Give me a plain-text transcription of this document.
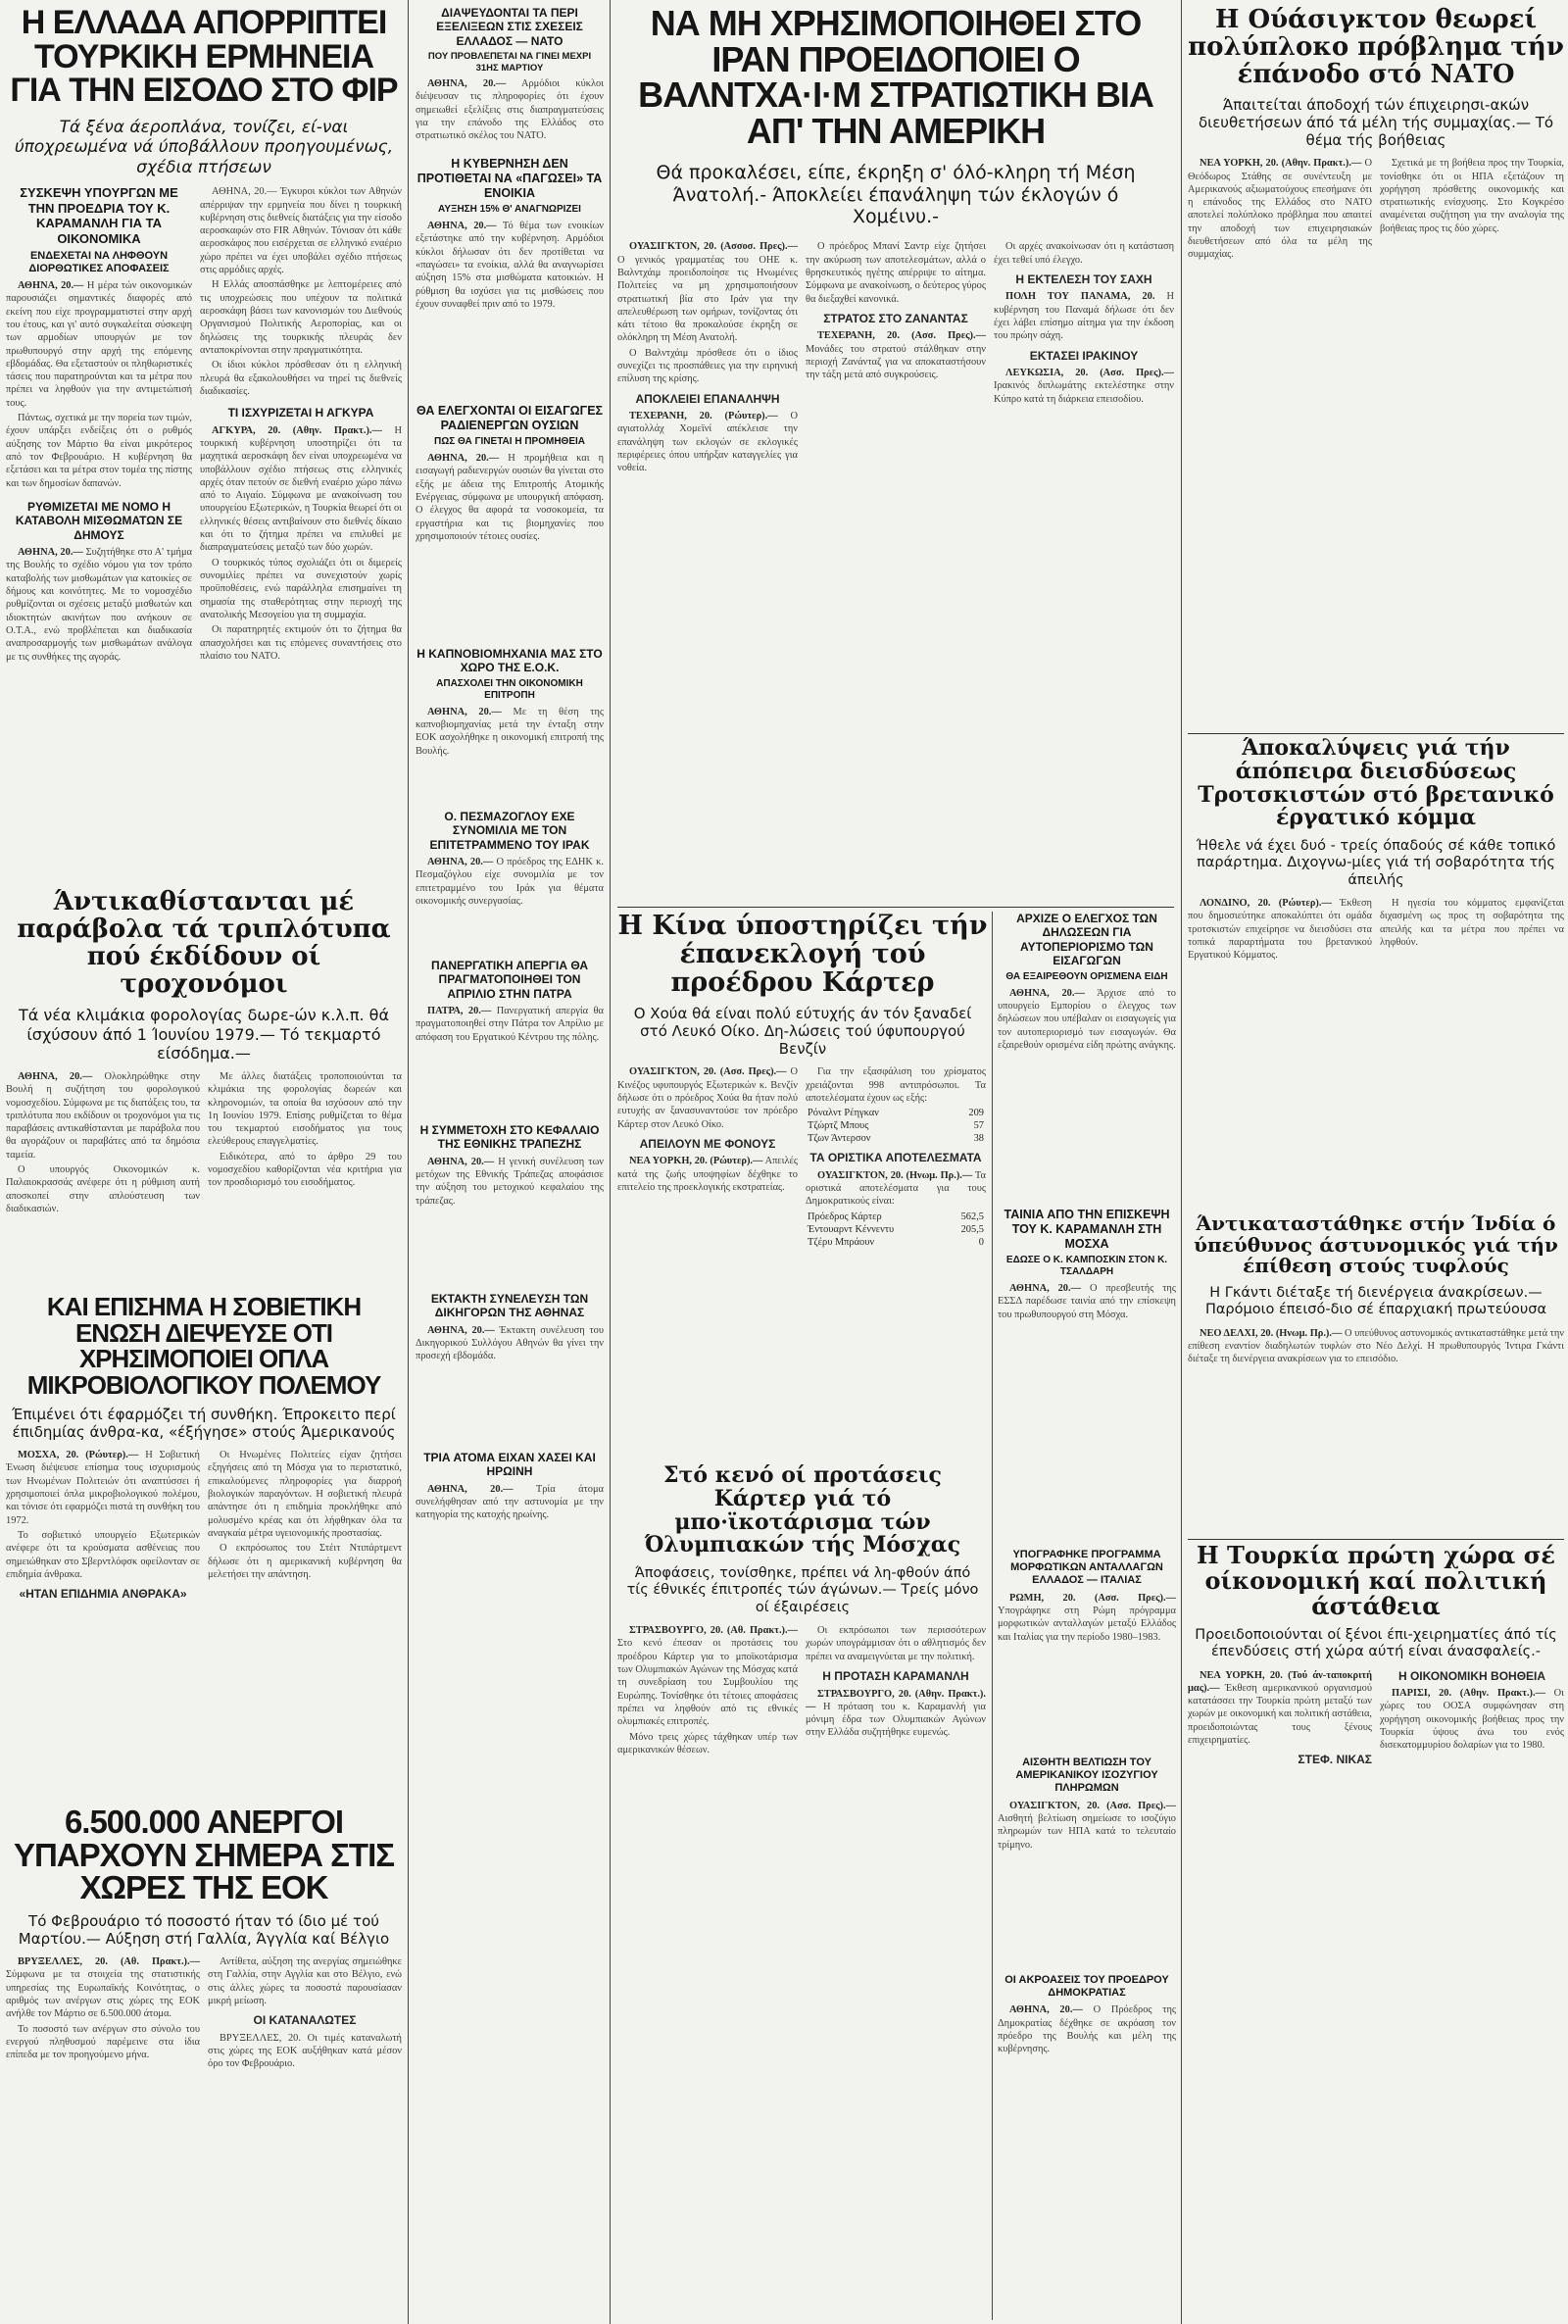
Η ΕΛΛΑΔΑ ΑΠΟΡΡΙΠΤΕΙ ΤΟΥΡΚΙΚΗ ΕΡΜΗΝΕΙΑ ΓΙΑ ΤΗΝ ΕΙΣΟΔΟ ΣΤΟ ΦΙΡ
Τά ξένα άεροπλάνα, τονίζει, εί-ναι ύποχρεωμένα νά ύποβάλλουν προηγουμένως, σχέδια πτήσεων
ΣΥΣΚΕΨΗ ΥΠΟΥΡΓΩΝ ΜΕ ΤΗΝ ΠΡΟΕΔΡΙΑ ΤΟΥ Κ. ΚΑΡΑΜΑΝΛΗ ΓΙΑ ΤΑ ΟΙΚΟΝΟΜΙΚΑ
ΕΝΔΕΧΕΤΑΙ ΝΑ ΛΗΦΘΟΥΝ ΔΙΟΡΘΩΤΙΚΕΣ ΑΠΟΦΑΣΕΙΣ

ΑΘΗΝΑ, 20.— Η μέρα τών οικονομικών παρουσιάζει σημαντικές διαφορές από εκείνη που είχε προγραμματιστεί στην αρχή του έτους, και γι' αυτό συγκαλείται σύσκεψη των αρμοδίων υπουργών με τον πρωθυπουργό στην αρχή της επόμενης εβδομάδας. Θα εξεταστούν οι πληθωριστικές τάσεις που παρατηρούνται και τα μέτρα που πρέπει να ληφθούν για την αντιμετώπισή τους.

Πάντως, σχετικά με την πορεία των τιμών, έχουν υπάρξει ενδείξεις ότι ο ρυθμός αύξησης τον Μάρτιο θα είναι μικρότερος από τον Φεβρουάριο. Η κυβέρνηση θα εξετάσει και τα μέτρα στον τομέα της πίστης και των δημοσίων δαπανών.

ΡΥΘΜΙΖΕΤΑΙ ΜΕ ΝΟΜΟ Η ΚΑΤΑΒΟΛΗ ΜΙΣΘΩΜΑΤΩΝ ΣΕ ΔΗΜΟΥΣ

ΑΘΗΝΑ, 20.— Συζητήθηκε στο Α' τμήμα της Βουλής το σχέδιο νόμου για τον τρόπο καταβολής των μισθωμάτων για κατοικίες σε δήμους και κοινότητες. Με το νομοσχέδιο ρυθμίζονται οι σχέσεις μεταξύ μισθωτών και ιδιοκτητών ακινήτων που ανήκουν σε Ο.Τ.Α., ενώ προβλέπεται και διαδικασία αναπροσαρμογής των μισθωμάτων ανάλογα με τις συνθήκες της αγοράς.

ΑΘΗΝΑ, 20.— Έγκυροι κύκλοι των Αθηνών απέρριψαν την ερμηνεία που δίνει η τουρκική κυβέρνηση στις διεθνείς διατάξεις για την είσοδο αεροσκαφών στο FIR Αθηνών. Τόνισαν ότι κάθε αεροσκάφος που εισέρχεται σε ελληνικό εναέριο χώρο πρέπει να έχει υποβάλει σχέδιο πτήσεως στις αρμόδιες αρχές.

Η Ελλάς αποσπάσθηκε με λεπτομέρειες από τις υποχρεώσεις που υπέχουν τα πολιτικά αεροσκάφη βάσει των κανονισμών του Διεθνούς Οργανισμού Πολιτικής Αεροπορίας, και οι δηλώσεις της τουρκικής πλευράς δεν ανταποκρίνονται στην πραγματικότητα.

Οι ίδιοι κύκλοι πρόσθεσαν ότι η ελληνική πλευρά θα εξακολουθήσει να τηρεί τις διεθνείς διαδικασίες.

ΤΙ ΙΣΧΥΡΙΖΕΤΑΙ Η ΑΓΚΥΡΑ

ΑΓΚΥΡΑ, 20. (Αθην. Πρακτ.).— Η τουρκική κυβέρνηση υποστηρίζει ότι τα μαχητικά αεροσκάφη δεν είναι υποχρεωμένα να υποβάλλουν σχέδιο πτήσεως στις ελληνικές αρχές όταν πετούν σε διεθνή εναέριο χώρο πάνω από το Αιγαίο. Σύμφωνα με ανακοίνωση του υπουργείου Εξωτερικών, η Τουρκία θεωρεί ότι οι ελληνικές θέσεις αντιβαίνουν στο διεθνές δίκαιο και ότι το ζήτημα πρέπει να επιλυθεί με διαπραγματεύσεις μεταξύ των δύο χωρών.

Ο τουρκικός τύπος σχολιάζει ότι οι διμερείς συνομιλίες πρέπει να συνεχιστούν χωρίς προϋποθέσεις, ενώ παράλληλα επισημαίνει τη σημασία της σταθερότητας στην περιοχή της ανατολικής Μεσογείου για τη συμμαχία.

Οι παρατηρητές εκτιμούν ότι το ζήτημα θα απασχολήσει και τις επόμενες συναντήσεις στο πλαίσιο του ΝΑΤΟ.

Άντικαθίστανται μέ παράβολα τά τριπλότυπα πού έκδίδουν οί τροχονόμοι
Τά νέα κλιμάκια φορολογίας δωρε-ών κ.λ.π. θά ίσχύσουν άπό 1 Ίουνίου 1979.— Τό τεκμαρτό είσόδημα.—

ΑΘΗΝΑ, 20.— Ολοκληρώθηκε στην Βουλή η συζήτηση του φορολογικού νομοσχεδίου. Σύμφωνα με τις διατάξεις του, τα τριπλότυπα που εκδίδουν οι τροχονόμοι για τις παραβάσεις αντικαθίστανται με παράβολα που θα αγοράζουν οι παραβάτες από τα δημόσια ταμεία.

Ο υπουργός Οικονομικών κ. Παλαιοκρασσάς ανέφερε ότι η ρύθμιση αυτή αποσκοπεί στην απλούστευση των διαδικασιών.

Με άλλες διατάξεις τροποποιούνται τα κλιμάκια της φορολογίας δωρεών και κληρονομιών, τα οποία θα ισχύσουν από την 1η Ιουνίου 1979. Επίσης ρυθμίζεται το θέμα του τεκμαρτού εισοδήματος για τους ελεύθερους επαγγελματίες.

Ειδικότερα, από το άρθρο 29 του νομοσχεδίου καθορίζονται νέα κριτήρια για τον προσδιορισμό του εισοδήματος.

ΚΑΙ ΕΠΙΣΗΜΑ Η ΣΟΒΙΕΤΙΚΗ ΕΝΩΣΗ ΔΙΕΨΕΥΣΕ ΟΤΙ ΧΡΗΣΙΜΟΠΟΙΕΙ ΟΠΛΑ ΜΙΚΡΟΒΙΟΛΟΓΙΚΟΥ ΠΟΛΕΜΟΥ
Έπιμένει ότι έφαρμόζει τή συνθήκη. Έπροκειτο περί έπιδημίας άνθρα-κα, «έξήγησε» στούς Άμερικανούς

ΜΟΣΧΑ, 20. (Ρώυτερ).— Η Σοβιετική Ένωση διέψευσε επίσημα τους ισχυρισμούς των Ηνωμένων Πολιτειών ότι αναπτύσσει ή χρησιμοποιεί όπλα μικροβιολογικού πολέμου, και τόνισε ότι εφαρμόζει πιστά τη συνθήκη του 1972.

Το σοβιετικό υπουργείο Εξωτερικών ανέφερε ότι τα κρούσματα ασθένειας που σημειώθηκαν στο Σβερντλόφσκ οφείλονταν σε επιδημία άνθρακα.

«ΗΤΑΝ ΕΠΙΔΗΜΙΑ ΑΝΘΡΑΚΑ»

Οι Ηνωμένες Πολιτείες είχαν ζητήσει εξηγήσεις από τη Μόσχα για το περιστατικό, επικαλούμενες πληροφορίες για διαρροή βιολογικών παραγόντων. Η σοβιετική πλευρά απάντησε ότι η επιδημία προκλήθηκε από μολυσμένο κρέας και ότι λήφθηκαν όλα τα αναγκαία μέτρα υγειονομικής προστασίας.

Ο εκπρόσωπος του Στέιτ Ντιπάρτμεντ δήλωσε ότι η αμερικανική κυβέρνηση θα μελετήσει την απάντηση.

6.500.000 ΑΝΕΡΓΟΙ ΥΠΑΡΧΟΥΝ ΣΗΜΕΡΑ ΣΤΙΣ ΧΩΡΕΣ ΤΗΣ ΕΟΚ
Τό Φεβρουάριο τό ποσοστό ήταν τό ίδιο μέ τού Μαρτίου.— Αύξηση στή Γαλλία, Άγγλία καί Βέλγιο

ΒΡΥΞΕΛΛΕΣ, 20. (Αθ. Πρακτ.).— Σύμφωνα με τα στοιχεία της στατιστικής υπηρεσίας της Ευρωπαϊκής Κοινότητας, ο αριθμός των ανέργων στις χώρες της ΕΟΚ ανήλθε τον Μάρτιο σε 6.500.000 άτομα.

Το ποσοστό των ανέργων στο σύνολο του ενεργού πληθυσμού παρέμεινε στα ίδια επίπεδα με τον προηγούμενο μήνα.

Αντίθετα, αύξηση της ανεργίας σημειώθηκε στη Γαλλία, στην Αγγλία και στο Βέλγιο, ενώ στις άλλες χώρες τα ποσοστά παρουσίασαν μικρή μείωση.

ΟΙ ΚΑΤΑΝΑΛΩΤΕΣ

ΒΡΥΞΕΛΛΕΣ, 20. Οι τιμές καταναλωτή στις χώρες της ΕΟΚ αυξήθηκαν κατά μέσον όρο τον Φεβρουάριο.

ΔΙΑΨΕΥΔΟΝΤΑΙ ΤΑ ΠΕΡΙ ΕΞΕΛΙΞΕΩΝ ΣΤΙΣ ΣΧΕΣΕΙΣ ΕΛΛΑΔΟΣ — ΝΑΤΟ
ΠΟΥ ΠΡΟΒΛΕΠΕΤΑΙ ΝΑ ΓΙΝΕΙ ΜΕΧΡΙ 31ΗΣ ΜΑΡΤΙΟΥ

ΑΘΗΝΑ, 20.— Αρμόδιοι κύκλοι διέψευσαν τις πληροφορίες ότι έχουν σημειωθεί εξελίξεις στις διαπραγματεύσεις για την επάνοδο της Ελλάδος στο στρατιωτικό σκέλος του ΝΑΤΟ.

Η ΚΥΒΕΡΝΗΣΗ ΔΕΝ ΠΡΟΤΙΘΕΤΑΙ ΝΑ «ΠΑΓΩΣΕΙ» ΤΑ ΕΝΟΙΚΙΑ
ΑΥΞΗΣΗ 15% Θ' ΑΝΑΓΝΩΡΙΖΕΙ

ΑΘΗΝΑ, 20.— Τό θέμα των ενοικίων εξετάστηκε από την κυβέρνηση. Αρμόδιοι κύκλοι δήλωσαν ότι δεν προτίθεται να «παγώσει» τα ενοίκια, αλλά θα αναγνωρίσει αύξηση 15% στα μισθώματα κατοικιών. Η ρύθμιση θα ισχύσει για τις μισθώσεις που έχουν συναφθεί πριν από το 1979.

ΘΑ ΕΛΕΓΧΟΝΤΑΙ ΟΙ ΕΙΣΑΓΩΓΕΣ ΡΑΔΙΕΝΕΡΓΩΝ ΟΥΣΙΩΝ
ΠΩΣ ΘΑ ΓΙΝΕΤΑΙ Η ΠΡΟΜΗΘΕΙΑ

ΑΘΗΝΑ, 20.— Η προμήθεια και η εισαγωγή ραδιενεργών ουσιών θα γίνεται στο εξής με άδεια της Επιτροπής Ατομικής Ενέργειας, σύμφωνα με υπουργική απόφαση. Ο έλεγχος θα αφορά τα νοσοκομεία, τα εργαστήρια και τις βιομηχανίες που χρησιμοποιούν τέτοιες ουσίες.

Η ΚΑΠΝΟΒΙΟΜΗΧΑΝΙΑ ΜΑΣ ΣΤΟ ΧΩΡΟ ΤΗΣ Ε.Ο.Κ.
ΑΠΑΣΧΟΛΕΙ ΤΗΝ ΟΙΚΟΝΟΜΙΚΗ ΕΠΙΤΡΟΠΗ

ΑΘΗΝΑ, 20.— Με τη θέση της καπνοβιομηχανίας μετά την ένταξη στην ΕΟΚ ασχολήθηκε η οικονομική επιτροπή της Βουλής.

Ο. ΠΕΣΜΑΖΟΓΛΟΥ ΕΧΕ ΣΥΝΟΜΙΛΙΑ ΜΕ ΤΟΝ ΕΠΙΤΕΤΡΑΜΜΕΝΟ ΤΟΥ ΙΡΑΚ

ΑΘΗΝΑ, 20.— Ο πρόεδρος της ΕΔΗΚ κ. Πεσμαζόγλου είχε συνομιλία με τον επιτετραμμένο του Ιράκ για θέματα οικονομικής συνεργασίας.

ΠΑΝΕΡΓΑΤΙΚΗ ΑΠΕΡΓΙΑ ΘΑ ΠΡΑΓΜΑΤΟΠΟΙΗΘΕΙ ΤΟΝ ΑΠΡΙΛΙΟ ΣΤΗΝ ΠΑΤΡΑ

ΠΑΤΡΑ, 20.— Πανεργατική απεργία θα πραγματοποιηθεί στην Πάτρα τον Απρίλιο με απόφαση του Εργατικού Κέντρου της πόλης.

Η ΣΥΜΜΕΤΟΧΗ ΣΤΟ ΚΕΦΑΛΑΙΟ ΤΗΣ ΕΘΝΙΚΗΣ ΤΡΑΠΕΖΗΣ

ΑΘΗΝΑ, 20.— Η γενική συνέλευση των μετόχων της Εθνικής Τράπεζας αποφάσισε την αύξηση του μετοχικού κεφαλαίου της τράπεζας.

ΕΚΤΑΚΤΗ ΣΥΝΕΛΕΥΣΗ ΤΩΝ ΔΙΚΗΓΟΡΩΝ ΤΗΣ ΑΘΗΝΑΣ

ΑΘΗΝΑ, 20.— Έκτακτη συνέλευση του Δικηγορικού Συλλόγου Αθηνών θα γίνει την προσεχή εβδομάδα.

ΤΡΙΑ ΑΤΟΜΑ ΕΙΧΑΝ ΧΑΣΕΙ ΚΑΙ ΗΡΩΙΝΗ

ΑΘΗΝΑ, 20.— Τρία άτομα συνελήφθησαν από την αστυνομία με την κατηγορία της κατοχής ηρωίνης.

ΝΑ ΜΗ ΧΡΗΣΙΜΟΠΟΙΗΘΕΙ ΣΤΟ ΙΡΑΝ ΠΡΟΕΙΔΟΠΟΙΕΙ Ο ΒΑΛΝΤΧΑ·Ι·Μ ΣΤΡΑΤΙΩΤΙΚΗ ΒΙΑ ΑΠ' ΤΗΝ ΑΜΕΡΙΚΗ
Θά προκαλέσει, είπε, έκρηξη σ' όλό-κληρη τή Μέση Άνατολή.- Άποκλείει έπανάληψη τών έκλογών ό Χομέινυ.-

ΟΥΑΣΙΓΚΤΟΝ, 20. (Ασσοσ. Πρες).— Ο γενικός γραμματέας του ΟΗΕ κ. Βαλντχάιμ προειδοποίησε τις Ηνωμένες Πολιτείες να μη χρησιμοποιήσουν στρατιωτική βία στο Ιράν για την απελευθέρωση των ομήρων, τονίζοντας ότι κάτι τέτοιο θα προκαλούσε έκρηξη σε ολόκληρη τη Μέση Ανατολή.

Ο Βαλντχάιμ πρόσθεσε ότι ο ίδιος συνεχίζει τις προσπάθειες για την ειρηνική επίλυση της κρίσης.

ΑΠΟΚΛΕΙΕΙ ΕΠΑΝΑΛΗΨΗ

ΤΕΧΕΡΑΝΗ, 20. (Ρώυτερ).— Ο αγιατολλάχ Χομεϊνί απέκλεισε την επανάληψη των εκλογών σε εκλογικές περιφέρειες όπου υπήρξαν καταγγελίες για νοθεία.

Ο πρόεδρος Μπανί Σαντρ είχε ζητήσει την ακύρωση των αποτελεσμάτων, αλλά ο θρησκευτικός ηγέτης απέρριψε το αίτημα. Σύμφωνα με ανακοίνωση, ο δεύτερος γύρος θα διεξαχθεί κανονικά.

ΣΤΡΑΤΟΣ ΣΤΟ ΖΑΝΑΝΤΑΣ

ΤΕΧΕΡΑΝΗ, 20. (Ασσ. Πρες).— Μονάδες του στρατού στάλθηκαν στην περιοχή Ζανάνταζ για να αποκαταστήσουν την τάξη μετά από συγκρούσεις.

Οι αρχές ανακοίνωσαν ότι η κατάσταση έχει τεθεί υπό έλεγχο.

Η ΕΚΤΕΛΕΣΗ ΤΟΥ ΣΑΧΗ

ΠΟΛΗ ΤΟΥ ΠΑΝΑΜΑ, 20. Η κυβέρνηση του Παναμά δήλωσε ότι δεν έχει λάβει επίσημο αίτημα για την έκδοση του πρώην σάχη.

ΕΚΤΑΣΕΙ ΙΡΑΚΙΝΟΥ

ΛΕΥΚΩΣΙΑ, 20. (Ασσ. Πρες).— Ιρακινός διπλωμάτης εκτελέστηκε στην Κύπρο κατά τη διάρκεια επεισοδίου.

Η Κίνα ύποστηρίζει τήν έπανεκλογή τού προέδρου Κάρτερ
Ο Χούα θά είναι πολύ εύτυχής άν τόν ξαναδεί στό Λευκό Οίκο. Δη-λώσεις τού ύφυπουργού Βενζίν

ΟΥΑΣΙΓΚΤΟΝ, 20. (Ασσ. Πρες).— Ο Κινέζος υφυπουργός Εξωτερικών κ. Βενζίν δήλωσε ότι ο πρόεδρος Χούα θα ήταν πολύ ευτυχής αν ξανασυναντούσε τον πρόεδρο Κάρτερ στον Λευκό Οίκο.

ΑΠΕΙΛΟΥΝ ΜΕ ΦΟΝΟΥΣ

ΝΕΑ ΥΟΡΚΗ, 20. (Ρώυτερ).— Απειλές κατά της ζωής υποψηφίων δέχθηκε το επιτελείο της προεκλογικής εκστρατείας.

Για την εξασφάλιση του χρίσματος χρειάζονται 998 αντιπρόσωποι. Τα αποτελέσματα έχουν ως εξής:

Ρόναλντ Ρέηγκαν	209
Τζώρτζ Μπους	57
Τζων Άντερσον	38
ΤΑ ΟΡΙΣΤΙΚΑ ΑΠΟΤΕΛΕΣΜΑΤΑ

ΟΥΑΣΙΓΚΤΟΝ, 20. (Ηνωμ. Πρ.).— Τα οριστικά αποτελέσματα για τους Δημοκρατικούς είναι:

Πρόεδρος Κάρτερ	562,5
Έντουαρντ Κέννεντυ	205,5
Τζέρυ Μπράουν	0
ΑΡΧΙΖΕ Ο ΕΛΕΓΧΟΣ ΤΩΝ ΔΗΛΩΣΕΩΝ ΓΙΑ ΑΥΤΟΠΕΡΙΟΡΙΣΜΟ ΤΩΝ ΕΙΣΑΓΩΓΩΝ
ΘΑ ΕΞΑΙΡΕΘΟΥΝ ΟΡΙΣΜΕΝΑ ΕΙΔΗ

ΑΘΗΝΑ, 20.— Άρχισε από το υπουργείο Εμπορίου ο έλεγχος των δηλώσεων που υπέβαλαν οι εισαγωγείς για τον αυτοπεριορισμό των εισαγωγών. Θα εξαιρεθούν ορισμένα είδη πρώτης ανάγκης.

ΤΑΙΝΙΑ ΑΠΟ ΤΗΝ ΕΠΙΣΚΕΨΗ ΤΟΥ Κ. ΚΑΡΑΜΑΝΛΗ ΣΤΗ ΜΟΣΧΑ
ΕΔΩΣΕ Ο Κ. ΚΑΜΠΟΣΚΙΝ ΣΤΟΝ Κ. ΤΣΑΛΔΑΡΗ

ΑΘΗΝΑ, 20.— Ο πρεσβευτής της ΕΣΣΔ παρέδωσε ταινία από την επίσκεψη του πρωθυπουργού στη Μόσχα.

Στό κενό οί προτάσεις Κάρτερ γιά τό μπο·ϊκοτάρισμα τών Όλυμπιακών τής Μόσχας
Άποφάσεις, τονίσθηκε, πρέπει νά λη-φθούν άπό τίς έθνικές έπιτροπές τών άγώνων.— Τρείς μόνο οί έξαιρέσεις

ΣΤΡΑΣΒΟΥΡΓΟ, 20. (Αθ. Πρακτ.).— Στο κενό έπεσαν οι προτάσεις του προέδρου Κάρτερ για το μποϊκοτάρισμα των Ολυμπιακών Αγώνων της Μόσχας κατά τη συνεδρίαση του Συμβουλίου της Ευρώπης. Τονίσθηκε ότι τέτοιες αποφάσεις πρέπει να ληφθούν από τις εθνικές ολυμπιακές επιτροπές.

Μόνο τρεις χώρες τάχθηκαν υπέρ των αμερικανικών θέσεων.

Οι εκπρόσωποι των περισσότερων χωρών υπογράμμισαν ότι ο αθλητισμός δεν πρέπει να αναμειγνύεται με την πολιτική.

Η ΠΡΟΤΑΣΗ ΚΑΡΑΜΑΝΛΗ

ΣΤΡΑΣΒΟΥΡΓΟ, 20. (Αθην. Πρακτ.).— Η πρόταση του κ. Καραμανλή για μόνιμη έδρα των Ολυμπιακών Αγώνων στην Ελλάδα συζητήθηκε ευμενώς.

ΥΠΟΓΡΑΦΗΚΕ ΠΡΟΓΡΑΜΜΑ ΜΟΡΦΩΤΙΚΩΝ ΑΝΤΑΛΛΑΓΩΝ ΕΛΛΑΔΟΣ — ΙΤΑΛΙΑΣ

ΡΩΜΗ, 20. (Ασσ. Πρες).— Υπογράφηκε στη Ρώμη πρόγραμμα μορφωτικών ανταλλαγών μεταξύ Ελλάδος και Ιταλίας για την περίοδο 1980–1983.

ΑΙΣΘΗΤΗ ΒΕΛΤΙΩΣΗ ΤΟΥ ΑΜΕΡΙΚΑΝΙΚΟΥ ΙΣΟΖΥΓΙΟΥ ΠΛΗΡΩΜΩΝ

ΟΥΑΣΙΓΚΤΟΝ, 20. (Ασσ. Πρες).— Αισθητή βελτίωση σημείωσε το ισοζύγιο πληρωμών των ΗΠΑ κατά το τελευταίο τρίμηνο.

ΟΙ ΑΚΡΟΑΣΕΙΣ ΤΟΥ ΠΡΟΕΔΡΟΥ ΔΗΜΟΚΡΑΤΙΑΣ

ΑΘΗΝΑ, 20.— Ο Πρόεδρος της Δημοκρατίας δέχθηκε σε ακρόαση τον πρόεδρο της Βουλής και μέλη της κυβέρνησης.

Η Ούάσιγκτον θεωρεί πολύπλοκο πρόβλημα τήν έπάνοδο στό ΝΑΤΟ
Άπαιτείται άποδοχή τών έπιχειρησι-ακών διευθετήσεων άπό τά μέλη τής συμμαχίας.— Τό θέμα τής βοήθειας

ΝΕΑ ΥΟΡΚΗ, 20. (Αθην. Πρακτ.).— Ο Θεόδωρος Στάθης σε συνέντευξη με Αμερικανούς αξιωματούχους επεσήμανε ότι η επάνοδος της Ελλάδος στο ΝΑΤΟ αποτελεί πολύπλοκο πρόβλημα που απαιτεί την αποδοχή των επιχειρησιακών διευθετήσεων από όλα τα μέλη της συμμαχίας.

Σχετικά με τη βοήθεια προς την Τουρκία, τονίσθηκε ότι οι ΗΠΑ εξετάζουν τη χορήγηση πρόσθετης οικονομικής και στρατιωτικής ενίσχυσης. Στο Κογκρέσο αναμένεται συζήτηση για την αναλογία της βοήθειας προς τις δύο χώρες.

Άποκαλύψεις γιά τήν άπόπειρα διεισδύσεως Τροτσκιστών στό βρετανικό έργατικό κόμμα
Ήθελε νά έχει δυό - τρείς όπαδούς σέ κάθε τοπικό παράρτημα. Διχογνω-μίες γιά τή σοβαρότητα τής άπειλής

ΛΟΝΔΙΝΟ, 20. (Ρώυτερ).— Έκθεση που δημοσιεύτηκε αποκαλύπτει ότι ομάδα τροτσκιστών επιχείρησε να διεισδύσει στα τοπικά παραρτήματα του βρετανικού Εργατικού Κόμματος.

Η ηγεσία του κόμματος εμφανίζεται διχασμένη ως προς τη σοβαρότητα της απειλής και τα μέτρα που πρέπει να ληφθούν.

Άντικαταστάθηκε στήν Ίνδία ό ύπεύθυνος άστυνομικός γιά τήν έπίθεση στούς τυφλούς
Η Γκάντι διέταξε τή διενέργεια άνακρίσεων.— Παρόμοιο έπεισό-διο σέ έπαρχιακή πρωτεύουσα

ΝΕΟ ΔΕΛΧΙ, 20. (Ηνωμ. Πρ.).— Ο υπεύθυνος αστυνομικός αντικαταστάθηκε μετά την επίθεση εναντίον διαδηλωτών τυφλών στο Νέο Δελχί. Η πρωθυπουργός Ίντιρα Γκάντι διέταξε τη διενέργεια ανακρίσεων για το επεισόδιο.

Η Τουρκία πρώτη χώρα σέ οίκονομική καί πολιτική άστάθεια
Προειδοποιούνται οί ξένοι έπι-χειρηματίες άπό τίς έπενδύσεις στή χώρα αύτή είναι άνασφαλείς.-

ΝΕΑ ΥΟΡΚΗ, 20. (Τού άν-ταποκριτή μας).— Έκθεση αμερικανικού οργανισμού κατατάσσει την Τουρκία πρώτη μεταξύ των χωρών με οικονομική και πολιτική αστάθεια, προειδοποιώντας τους ξένους επιχειρηματίες.

ΣΤΕΦ. ΝΙΚΑΣ
Η ΟΙΚΟΝΟΜΙΚΗ ΒΟΗΘΕΙΑ

ΠΑΡΙΣΙ, 20. (Αθην. Πρακτ.).— Οι χώρες του ΟΟΣΑ συμφώνησαν στη χορήγηση οικονομικής βοήθειας προς την Τουρκία ύψους άνω του ενός δισεκατομμυρίου δολαρίων για το 1980.
